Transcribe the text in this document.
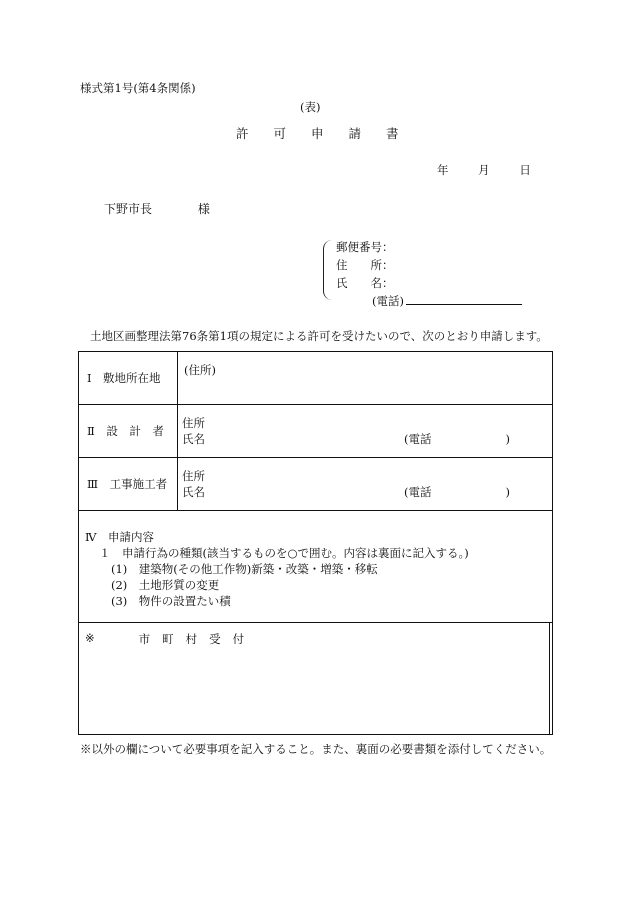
様式第1号(第4条関係)
(表)
許可申請書
年	月	日
下野市長	様
郵便番号：
住　　所：
氏　　名：
(電話)
土地区画整理法第76条第1項の規定による許可を受けたいので、次のとおり申請します。
Ⅰ　敷地所在地	(住所)	

Ⅱ　設　計　者	住所
氏名 (電話 )	

Ⅲ　工事施工者	住所
氏名 (電話 )	

Ⅳ　申請内容
１　申請行為の種類(該当するものを○で囲む。内容は裏面に記入する。)
(1)　建築物(その他工作物)新築・改築・増築・移転
(2)　土地形質の変更
(3)　物件の設置たい積		

※ 市町村受付		

※以外の欄について必要事項を記入すること。また、裏面の必要書類を添付してください。
